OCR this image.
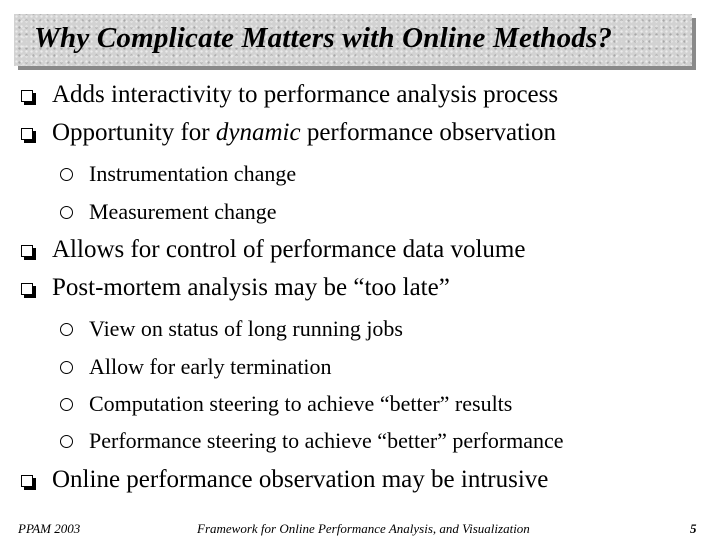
Why Complicate Matters with Online Methods?
Adds interactivity to performance analysis process
Opportunity for dynamic performance observation
Instrumentation change
Measurement change
Allows for control of performance data volume
Post-mortem analysis may be “too late”
View on status of long running jobs
Allow for early termination
Computation steering to achieve “better” results
Performance steering to achieve “better” performance
Online performance observation may be intrusive
PPAM 2003	Framework for Online Performance Analysis, and Visualization	5
